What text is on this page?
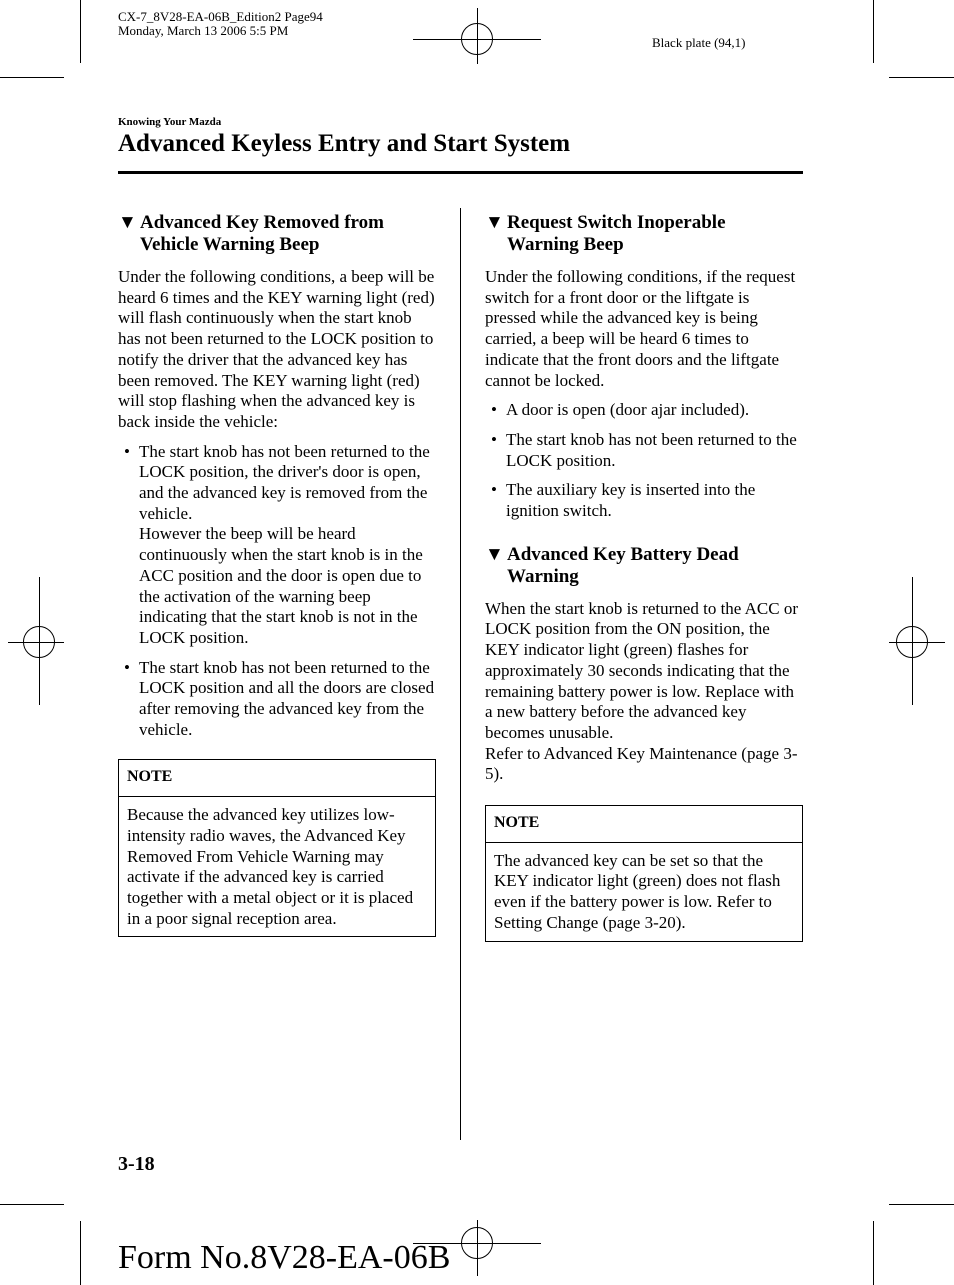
CX-7_8V28-EA-06B_Edition2 Page94
Monday, March 13 2006 5:5 PM
Black plate (94,1)
Knowing Your Mazda
Advanced Keyless Entry and Start System
▼ Advanced Key Removed from
Vehicle Warning Beep

Under the following conditions, a beep will be heard 6 times and the KEY warning light (red) will flash continuously when the start knob has not been returned to the LOCK position to notify the driver that the advanced key has been removed. The KEY warning light (red) will stop flashing when the advanced key is back inside the vehicle:

• The start knob has not been returned to the LOCK position, the driver's door is open, and the advanced key is removed from the vehicle.
However the beep will be heard continuously when the start knob is in the ACC position and the door is open due to the activation of the warning beep indicating that the start knob is not in the LOCK position.
• The start knob has not been returned to the LOCK position and all the doors are closed after removing the advanced key from the vehicle.
NOTE
Because the advanced key utilizes low-intensity radio waves, the Advanced Key Removed From Vehicle Warning may activate if the advanced key is carried together with a metal object or it is placed in a poor signal reception area.
▼ Request Switch Inoperable
Warning Beep

Under the following conditions, if the request switch for a front door or the liftgate is pressed while the advanced key is being carried, a beep will be heard 6 times to indicate that the front doors and the liftgate cannot be locked.

• A door is open (door ajar included).
• The start knob has not been returned to the LOCK position.
• The auxiliary key is inserted into the ignition switch.
▼ Advanced Key Battery Dead
Warning

When the start knob is returned to the ACC or LOCK position from the ON position, the KEY indicator light (green) flashes for approximately 30 seconds indicating that the remaining battery power is low. Replace with a new battery before the advanced key becomes unusable.
Refer to Advanced Key Maintenance (page 3-5).

NOTE
The advanced key can be set so that the KEY indicator light (green) does not flash even if the battery power is low. Refer to Setting Change (page 3-20).
3-18
Form No.8V28-EA-06B
